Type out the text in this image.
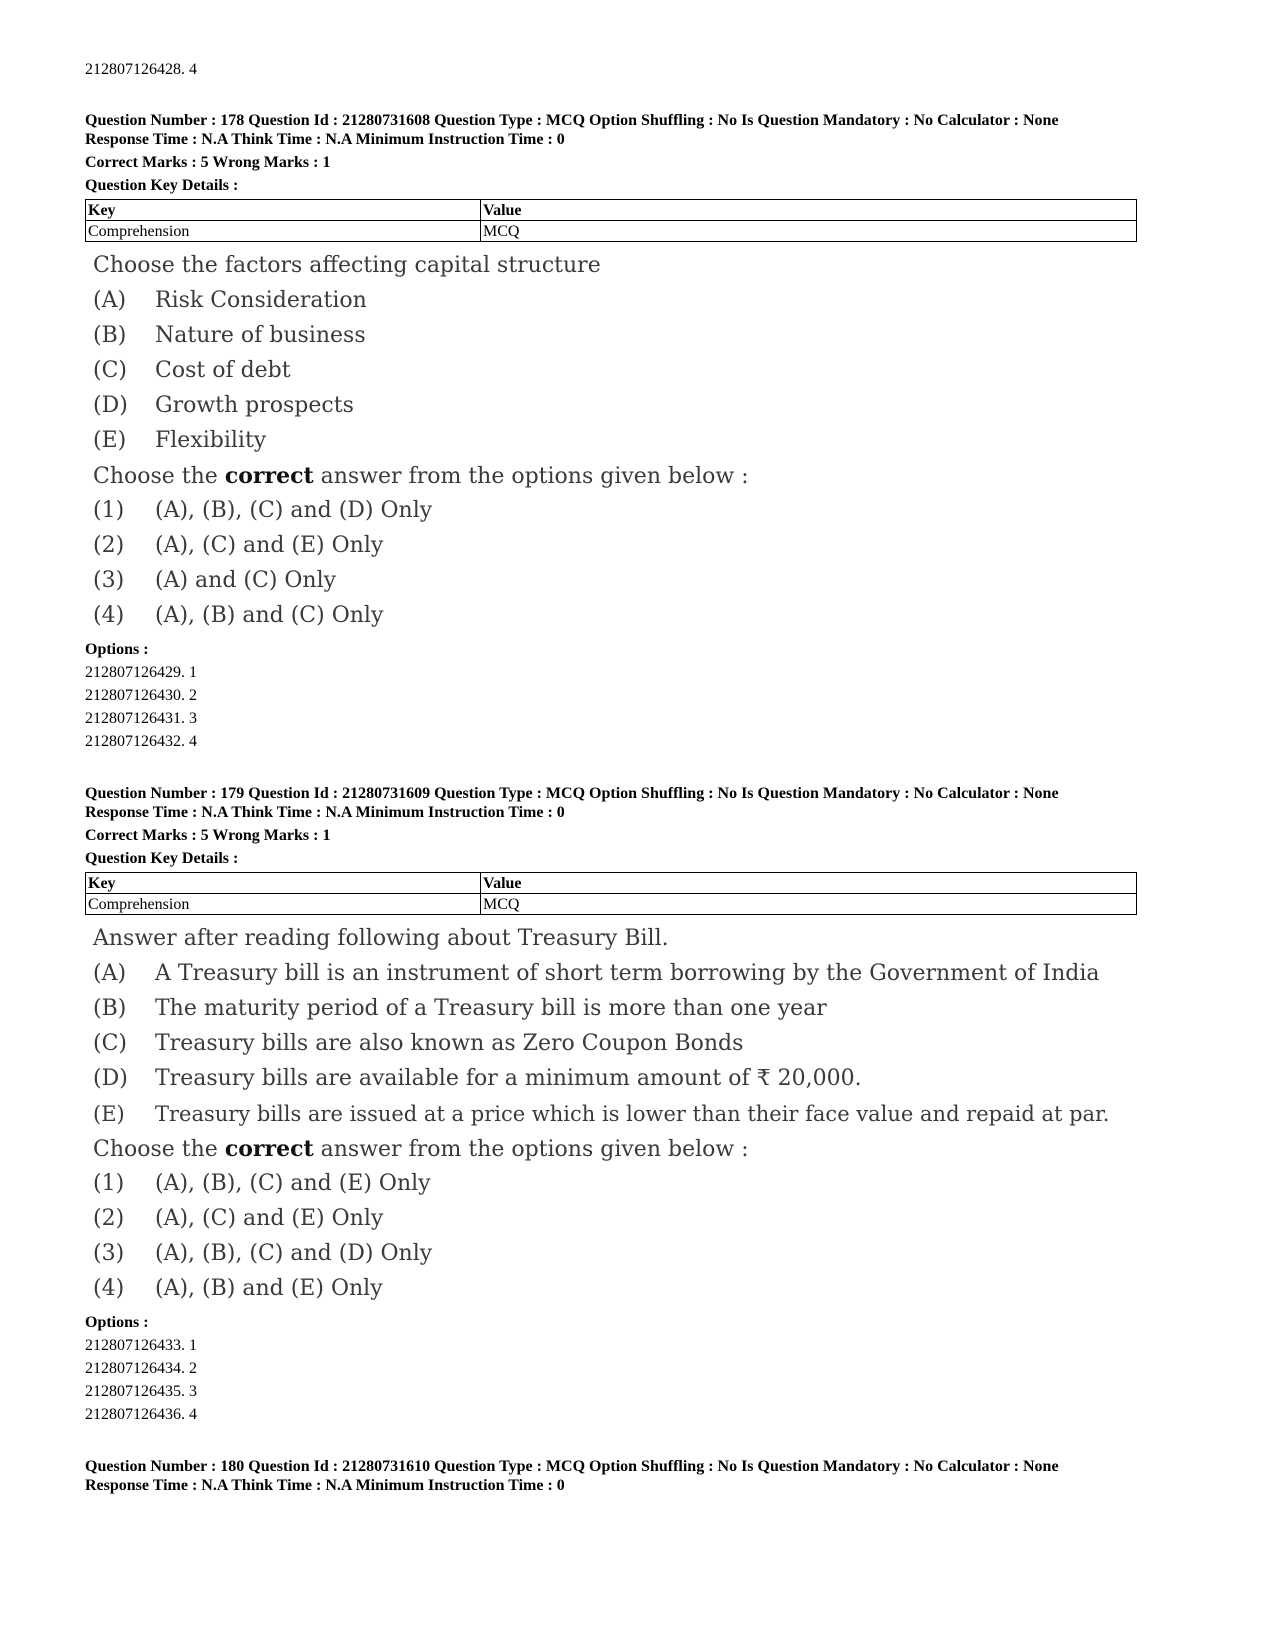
212807126428. 4
Question Number : 178 Question Id : 21280731608 Question Type : MCQ Option Shuffling : No Is Question Mandatory : No Calculator : None
Response Time : N.A Think Time : N.A Minimum Instruction Time : 0
Correct Marks : 5 Wrong Marks : 1
Question Key Details :
Key	Value
Comprehension	MCQ
Choose the factors affecting capital structure
(A) Risk Consideration
(B) Nature of business
(C) Cost of debt
(D) Growth prospects
(E) Flexibility
Choose the correct answer from the options given below :
(1) (A), (B), (C) and (D) Only
(2) (A), (C) and (E) Only
(3) (A) and (C) Only
(4) (A), (B) and (C) Only
Options :
212807126429. 1
212807126430. 2
212807126431. 3
212807126432. 4
Question Number : 179 Question Id : 21280731609 Question Type : MCQ Option Shuffling : No Is Question Mandatory : No Calculator : None
Response Time : N.A Think Time : N.A Minimum Instruction Time : 0
Correct Marks : 5 Wrong Marks : 1
Question Key Details :
Key	Value
Comprehension	MCQ
Answer after reading following about Treasury Bill.
(A) A Treasury bill is an instrument of short term borrowing by the Government of India
(B) The maturity period of a Treasury bill is more than one year
(C) Treasury bills are also known as Zero Coupon Bonds
(D) Treasury bills are available for a minimum amount of ₹ 20,000.
(E) Treasury bills are issued at a price which is lower than their face value and repaid at par.
Choose the correct answer from the options given below :
(1) (A), (B), (C) and (E) Only
(2) (A), (C) and (E) Only
(3) (A), (B), (C) and (D) Only
(4) (A), (B) and (E) Only
Options :
212807126433. 1
212807126434. 2
212807126435. 3
212807126436. 4
Question Number : 180 Question Id : 21280731610 Question Type : MCQ Option Shuffling : No Is Question Mandatory : No Calculator : None
Response Time : N.A Think Time : N.A Minimum Instruction Time : 0
